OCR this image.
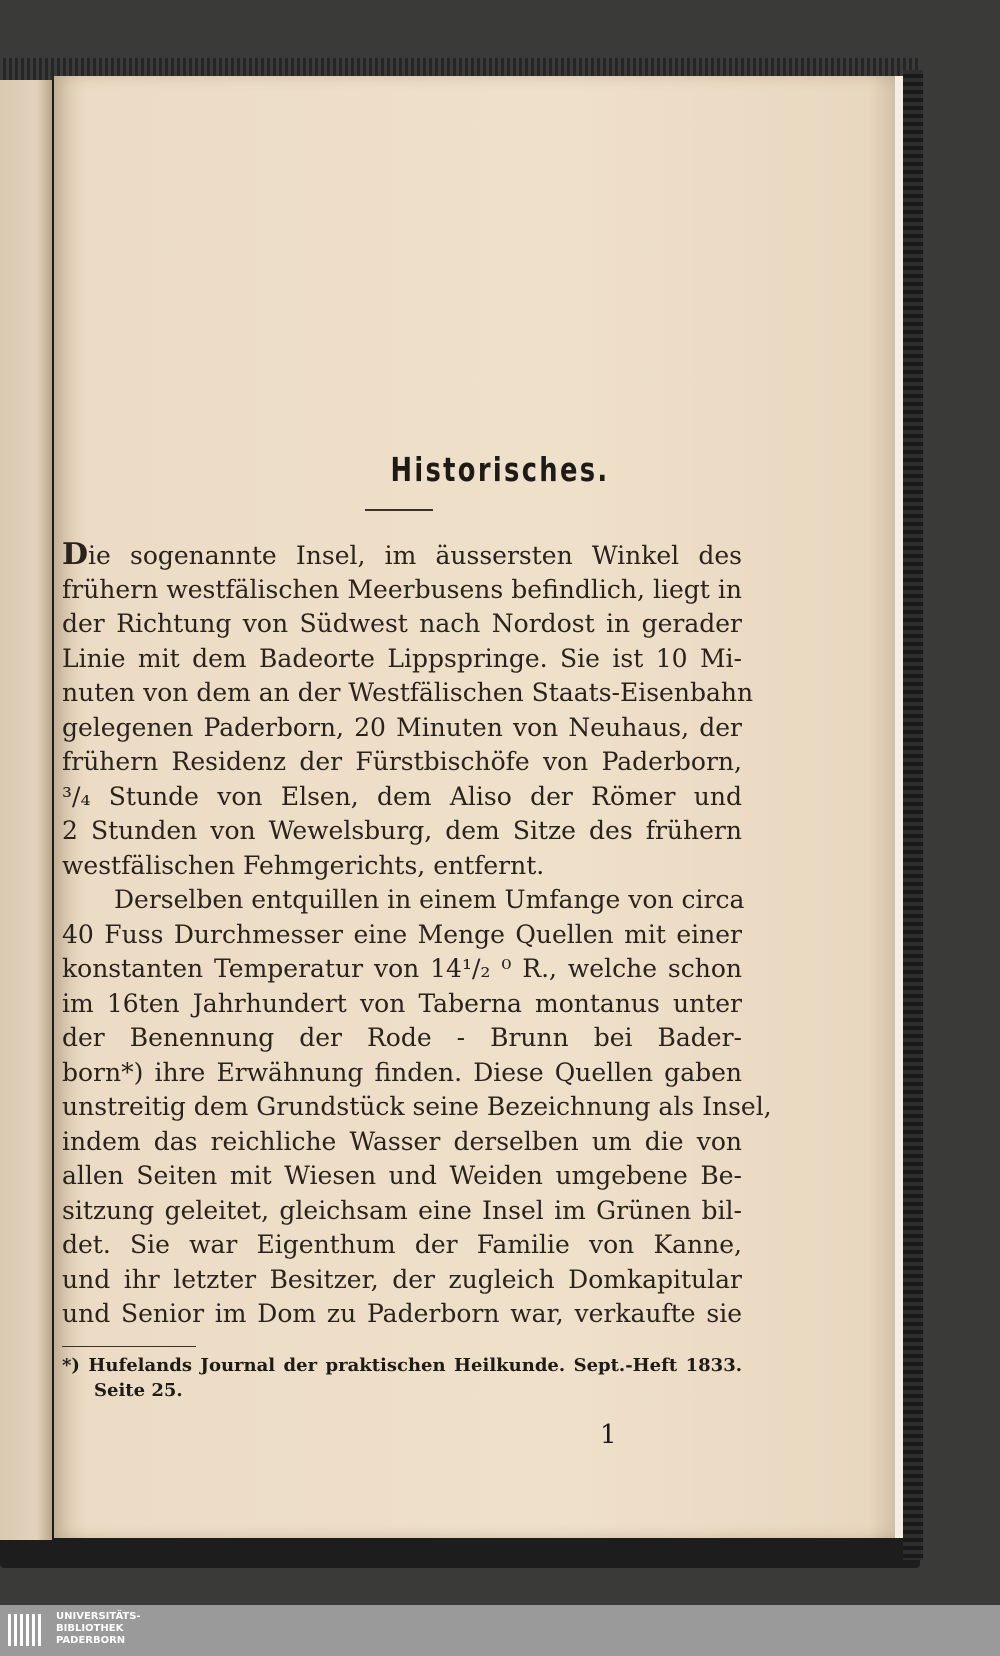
Historisches.
Die sogenannte Insel, im äussersten Winkel des
frühern westfälischen Meerbusens befindlich, liegt in
der Richtung von Südwest nach Nordost in gerader
Linie mit dem Badeorte Lippspringe. Sie ist 10 Mi-
nuten von dem an der Westfälischen Staats-Eisenbahn
gelegenen Paderborn, 20 Minuten von Neuhaus, der
frühern Residenz der Fürstbischöfe von Paderborn,
³/₄ Stunde von Elsen, dem Aliso der Römer und
2 Stunden von Wewelsburg, dem Sitze des frühern
westfälischen Fehmgerichts, entfernt.
Derselben entquillen in einem Umfange von circa
40 Fuss Durchmesser eine Menge Quellen mit einer
konstanten Temperatur von 14¹/₂ ⁰ R., welche schon
im 16ten Jahrhundert von Taberna montanus unter
der Benennung der Rode - Brunn bei Bader-
born*) ihre Erwähnung finden. Diese Quellen gaben
unstreitig dem Grundstück seine Bezeichnung als Insel,
indem das reichliche Wasser derselben um die von
allen Seiten mit Wiesen und Weiden umgebene Be-
sitzung geleitet, gleichsam eine Insel im Grünen bil-
det. Sie war Eigenthum der Familie von Kanne,
und ihr letzter Besitzer, der zugleich Domkapitular
und Senior im Dom zu Paderborn war, verkaufte sie
*) Hufelands Journal der praktischen Heilkunde. Sept.-Heft 1833.
Seite 25.
1
UNIVERSITÄTS-
BIBLIOTHEK
PADERBORN
